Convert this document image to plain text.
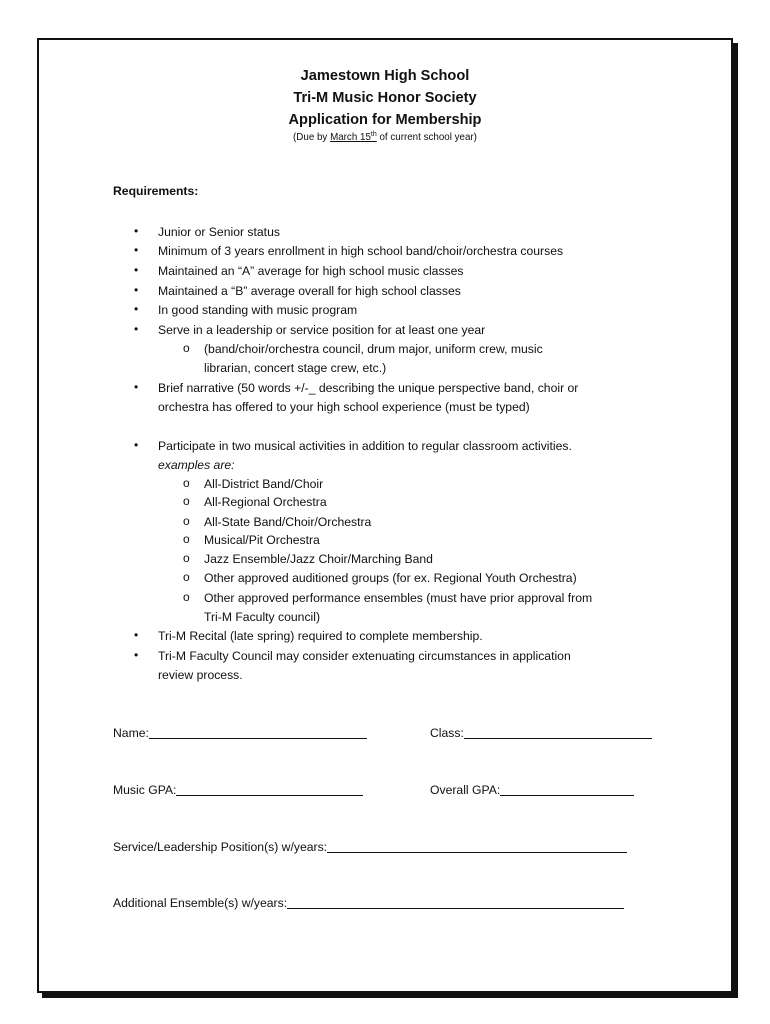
Jamestown High School
Tri-M Music Honor Society
Application for Membership
(Due by March 15th of current school year)
Requirements:
• Junior or Senior status
• Minimum of 3 years enrollment in high school band/choir/orchestra courses
• Maintained an “A” average for high school music classes
• Maintained a “B” average overall for high school classes
• In good standing with music program
• Serve in a leadership or service position for at least one year
o (band/choir/orchestra council, drum major, uniform crew, music
librarian, concert stage crew, etc.)
• Brief narrative (50 words +/-_ describing the unique perspective band, choir or
orchestra has offered to your high school experience (must be typed)
• Participate in two musical activities in addition to regular classroom activities.
examples are:
o All-District Band/Choir
o All-Regional Orchestra
o All-State Band/Choir/Orchestra
o Musical/Pit Orchestra
o Jazz Ensemble/Jazz Choir/Marching Band
o Other approved auditioned groups (for ex. Regional Youth Orchestra)
o Other approved performance ensembles (must have prior approval from
Tri-M Faculty council)
• Tri-M Recital (late spring) required to complete membership.
• Tri-M Faculty Council may consider extenuating circumstances in application
review process.
Name:	Class:
Music GPA:	Overall GPA:
Service/Leadership Position(s) w/years:
Additional Ensemble(s) w/years:
